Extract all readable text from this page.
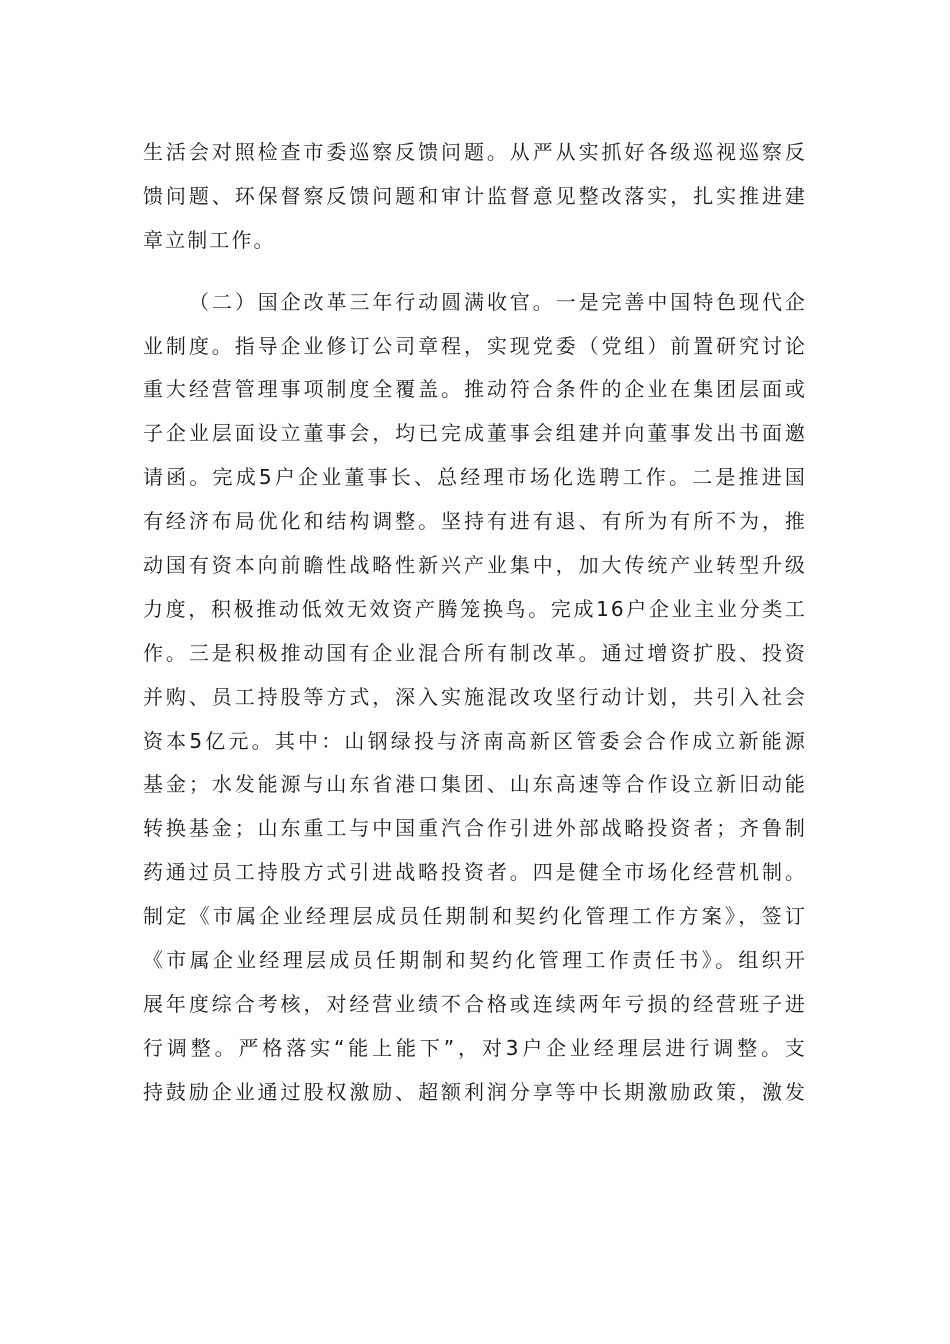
生活会对照检查市委巡察反馈问题。从严从实抓好各级巡视巡察反
馈问题、环保督察反馈问题和审计监督意见整改落实，扎实推进建
章立制工作。
（二）国企改革三年行动圆满收官。一是完善中国特色现代企
业制度。指导企业修订公司章程，实现党委（党组）前置研究讨论
重大经营管理事项制度全覆盖。推动符合条件的企业在集团层面或
子企业层面设立董事会，均已完成董事会组建并向董事发出书面邀
请函。完成5户企业董事长、总经理市场化选聘工作。二是推进国
有经济布局优化和结构调整。坚持有进有退、有所为有所不为，推
动国有资本向前瞻性战略性新兴产业集中，加大传统产业转型升级
力度，积极推动低效无效资产腾笼换鸟。完成16户企业主业分类工
作。三是积极推动国有企业混合所有制改革。通过增资扩股、投资
并购、员工持股等方式，深入实施混改攻坚行动计划，共引入社会
资本5亿元。其中：山钢绿投与济南高新区管委会合作成立新能源
基金；水发能源与山东省港口集团、山东高速等合作设立新旧动能
转换基金；山东重工与中国重汽合作引进外部战略投资者；齐鲁制
药通过员工持股方式引进战略投资者。四是健全市场化经营机制。
制定《市属企业经理层成员任期制和契约化管理工作方案》，签订
《市属企业经理层成员任期制和契约化管理工作责任书》。组织开
展年度综合考核，对经营业绩不合格或连续两年亏损的经营班子进
行调整。严格落实“能上能下”，对3户企业经理层进行调整。支
持鼓励企业通过股权激励、超额利润分享等中长期激励政策，激发
